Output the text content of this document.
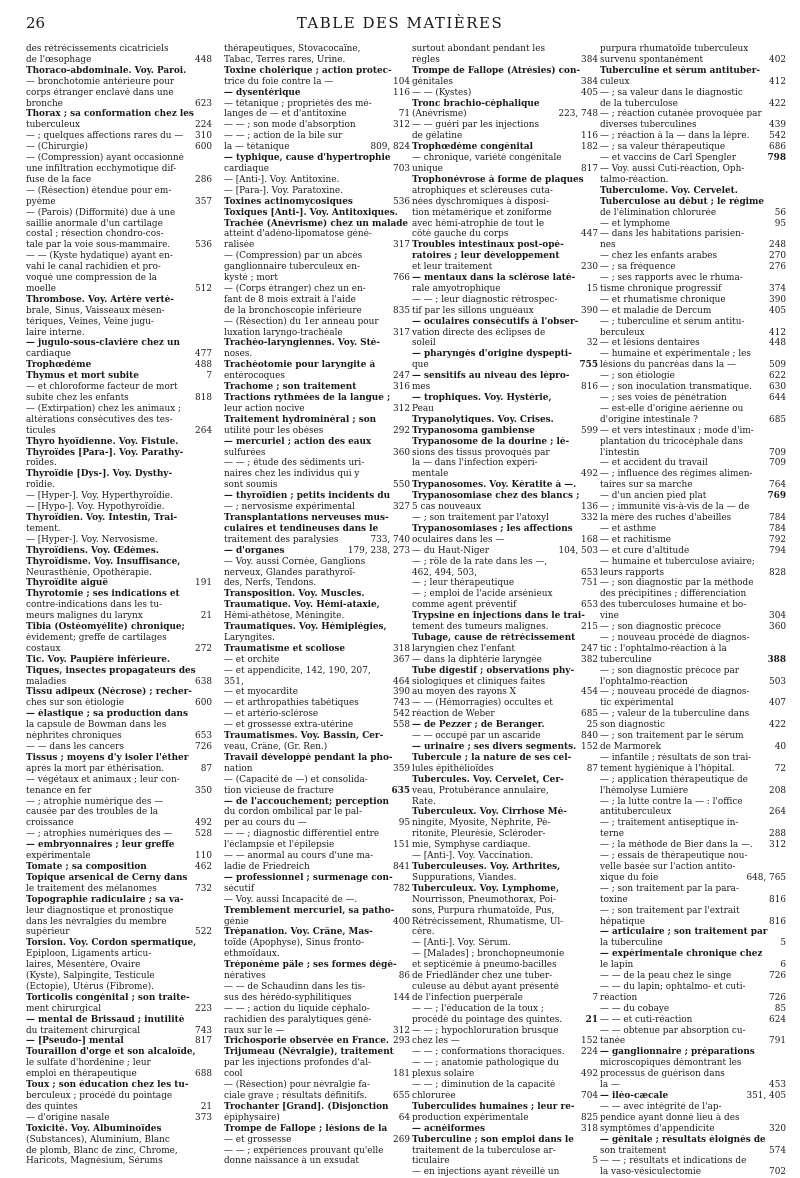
26	TABLE DES MATIÈRES
des rétrécissements cicatriciels
de l'œsophage	448
Thoraco-abdominale. Voy. Paroi.
— bronchotomie antérieure pour
corps étranger enclavé dans une
bronche	623
Thorax ; sa conformation chez les
tuberculeux	224
— ; quelques affections rares du — 310
— (Chirurgie)	600
— (Compression) ayant occasionné
une infiltration ecchymotique dif-
fuse de la face	286
— (Résection) étendue pour em-
pyème	357
— (Parois) (Difformité) due à une
saillie anormale d'un cartilage
costal ; résection chondro-cos-
tale par la voie sous-mammaire.	536
— — (Kyste hydatique) ayant en-
vahi le canal rachidien et pro-
voqué une compression de la
moelle	512
Thrombose. Voy. Artère verté-
brale, Sinus, Vaisseaux mésen-
tériques, Veines, Veine jugu-
laire interne.
— jugulo-sous-clavière chez un
cardiaque	477
Trophœdème	488
Thymus et mort subite	7
— et chloroforme facteur de mort
subite chez les enfants	818
— (Extirpation) chez les animaux ;
altérations consécutives des tes-
ticules	264
Thyro hyoïdienne. Voy. Fistule.
Thyroïdes [Para-]. Voy. Parathy-
roïdes.
Thyroïdie [Dys-]. Voy. Dysthy-
roïdie.
— [Hyper-]. Voy. Hyperthyroïdie.
— [Hypo-]. Voy. Hypothyroïdie.
Thyroïdien. Voy. Intestin, Trai-
tement.
— [Hyper-]. Voy. Nervosisme.
Thyroïdiens. Voy. Œdèmes.
Thyroïdisme. Voy. Insuffisance,
Neurasthénie, Opothérapie.
Thyroïdite aiguë	191
Thyrotomie ; ses indications et
contre-indications dans les tu-
meurs malignes du larynx	21
Tibia (Ostéomyélite) chronique;
évidement; greffe de cartilages
costaux	272
Tic. Voy. Paupière inférieure.
Tiques, insectes propagateurs des
maladies	638
Tissu adipeux (Nécrose) ; recher-
ches sur son étiologie	600
— élastique ; sa production dans
la capsule de Bowman dans les
néphrites chroniques	653
— — dans les cancers	726
Tissus ; moyens d'y isoler l'éther
après la mort par éthérisation.	87
— végétaux et animaux ; leur con-
tenance en fer	350
— ; atrophie numérique des —
causée par des troubles de la
croissance	492
— ; atrophies numériques des —	528
— embryonnaires ; leur greffe
expérimentale	110
Tomate ; sa composition	462
Topique arsenical de Cerny dans
le traitement des mélanomes	732
Topographie radiculaire ; sa va-
leur diagnostique et pronostique
dans les névralgies du membre
supérieur	522
Torsion. Voy. Cordon spermatique,
Épiploon, Ligaments articu-
laires, Mésentère, Ovaire
(Kyste), Salpingite, Testicule
(Ectopie), Utérus (Fibrome).
Torticolis congénital ; son traite-
ment chirurgical	223
— mental de Brissaud ; inutilité
du traitement chirurgical	743
— [Pseudo-] mental	817
Touraillon d'orge et son alcaloïde,
le sulfate d'hordénine ; leur
emploi en thérapeutique	688
Toux ; son éducation chez les tu-
berculeux ; procédé du pointage
des quintes	21
— d'origine nasale	373
Toxicité. Voy. Albuminoïdes
(Substances), Aluminium, Blanc
de plomb, Blanc de zinc, Chrome,
Haricots, Magnésium, Sérums
thérapeutiques, Stovacocaïne,
Tabac, Terres rares, Urine.
Toxine cholérique ; action protec-
trice du foie contre la —	104
— dysentérique	116
— tétanique ; propriétés des mé-
langes de — et d'antitoxine	71
— — ; son mode d'absorption	312
— — ; action de la bile sur
la — tétanique	809, 824
— typhique, cause d'hypertrophie
cardiaque	703
— [Anti-]. Voy. Antitoxine.
— [Para-]. Voy. Paratoxine.
Toxines actinomycosiques	536
Toxiques [Anti-]. Voy. Antitoxiques.
Trachée (Anévrisme) chez un malade
atteint d'adéno-lipomatose géné-
ralisée	317
— (Compression) par un abcès
ganglionnaire tuberculeux en-
kysté ; mort	766
— (Corps étranger) chez un en-
fant de 8 mois extrait à l'aide
de la bronchoscopie inférieure	835
— (Résection) du 1er anneau pour
luxation laryngo-trachéale	317
Trachéo-laryngiennes. Voy. Sté-
noses.
Trachéotomie pour laryngite à
entérocoques	247
Trachome ; son traitement	316
Tractions rythmées de la langue ;
leur action nocive	312
Traitement hydrominéral ; son
utilité pour les obèses	292
— mercuriel ; action des eaux
sulfurées	360
— — ; étude des sédiments uri-
naires chez les individus qui y
sont soumis	550
— thyroïdien ; petits incidents du
— ; nervosisme expérimental	327
Transplantations nerveuses mus-
culaires et tendineuses dans le
traitement des paralysies	733, 740
— d'organes	179, 238, 273
— Voy. aussi Cornée, Ganglions
nerveux, Glandes parathyroï-
des, Nerfs, Tendons.
Transposition. Voy. Muscles.
Traumatique. Voy. Hémi-ataxie,
Hémi-athétose, Méningite.
Traumatiques. Voy. Hémiplégies,
Laryngites.
Traumatisme et scoliose	318
— et orchite	367
— et appendicite, 142, 190, 207,
351,	464
— et myocardite	390
— et arthropathies tabétiques	743
— et artério-sclérose	542
— et grossesse extra-utérine	558
Traumatismes. Voy. Bassin, Cer-
veau, Crâne, (Gr. Ren.)
Travail développé pendant la pho-
nation	359
— (Capacité de —) et consolida-
tion vicieuse de fracture	635
— de l'accouchement; perception
du cordon ombilical par le pal-
per au cours du —	95
— — ; diagnostic différentiel entre
l'éclampsie et l'épilepsie	151
— — anormal au cours d'une ma-
ladie de Friedreich	841
— professionnel ; surmenage con-
sécutif	782
— Voy. aussi Incapacité de —.
Tremblement mercuriel, sa patho-
génie	400
Trépanation. Voy. Crâne, Mas-
toïde (Apophyse), Sinus fronto-
ethmoïdaux.
Tréponème pâle ; ses formes dégé-
nératives	86
— — de Schaudinn dans les tis-
sus des hérédo-syphilitiques	144
— — ; action du liquide céphalo-
rachidien des paralytiques géné-
raux sur le —	312
Trichosporie observée en France. 293
Trijumeau (Névralgie), traitement
par les injections profondes d'al-
cool	181
— (Résection) pour névralgie fa-
ciale grave ; résultats définitifs.	655
Trochanter [Grand]. (Disjonction
épiphysaire)	64
Trompe de Fallope ; lésions de la
— et grossesse	269
— — ; expériences prouvant qu'elle
donne naissance à un exsudat
surtout abondant pendant les
règles	384
Trompe de Fallope (Atrésies) con-
génitales	384
— — (Kystes)	405
Tronc brachio-céphalique
(Anévrisme)	223, 748
— — guéri par les injections
de gélatine	116
Trophœdème congénital	182
— chronique, variété congénitale
unique	817
Trophonévrose à forme de plaques
atrophiques et scléreuses cuta-
nées dyschromiques à disposi-
tion métamérique et zoniforme
avec hémi-atrophie de tout le
côté gauche du corps	447
Troubles intestinaux post-opé-
ratoires ; leur développement
et leur traitement	230
— mentaux dans la sclérose laté-
rale amyotrophique	15
— — ; leur diagnostic rétrospec-
tif par les sillons unguéaux	390
— oculaires consécutifs à l'obser-
vation directe des éclipses de
soleil	32
— pharyngés d'origine dyspepti-
que	755
— sensitifs au niveau des lépro-
mes	816
— trophiques. Voy. Hystérie,
Peau
Trypanolytiques. Voy. Crises.
Trypanosoma gambiense	599
Trypanosome de la dourine ; lé-
sions des tissus provoqués par
la — dans l'infection expéri-
mentale	492
Trypanosomes. Voy. Kératite à —.
Trypanosomiase chez des blancs ;
5 cas nouveaux	136
— ; son traitement par l'atoxyl	332
Trypanosomiases ; les affections
oculaires dans les —	168
— du Haut-Niger	104, 503
— ; rôle de la rate dans les —,
462, 494, 503,	653
— ; leur thérapeutique	751
— ; emploi de l'acide arsénieux
comme agent préventif	653
Trypsine en injections dans le trai-
tement des tumeurs malignes.	215
Tubage, cause de rétrécissement
laryngien chez l'enfant	247
— dans la diphtérie laryngée	382
Tube digestif ; observations phy-
siologiques et cliniques faites
au moyen des rayons X	454
— — (Hémorragies) occultes et
réaction de Weber	685
— de Pezzer ; de Beranger.	25
— — occupé par un ascaride	840
— urinaire ; ses divers segments. 152
Tubercule ; la nature de ses cel-
lules épithélioïdes	87
Tubercules. Voy. Cervelet, Cer-
veau, Protubérance annulaire,
Rate.
Tuberculeux. Voy. Cirrhose Mé-
ningite, Myosite, Néphrite, Pé-
ritonite, Pleurésie, Scléroder-
mie, Symphyse cardiaque.
— [Anti-]. Voy. Vaccination.
Tuberculeuses. Voy. Arthrites,
Suppurations, Viandes.
Tuberculeux. Voy. Lymphome,
Nourrisson, Pneumothorax, Poi-
sons, Purpura rhumatoïde, Pus,
Rétrécissement, Rhumatisme, Ul-
cère.
— [Anti-]. Voy. Sérum.
— [Malades] ; bronchopneumonie
et septicémie à pneumo-bacilles
de Friedländer chez une tuber-
culeuse au début ayant présenté
de l'infection puerpérale	7
— — ; l'éducation de la toux ;
procédé du pointage des quintes.	21
— — ; hypochloruration brusque
chez les —	152
— — ; conformations thoraciques. 224
— — ; anatomie pathologique du
plexus solaire	492
— — ; diminution de la capacité
chlorurée	704
Tuberculides humaines ; leur re-
production expérimentale	825
— acnéiformes	318
Tuberculine ; son emploi dans le
traitement de la tuberculose ar-
ticulaire	5
— en injections ayant réveillé un
purpura rhumatoïde tuberculeux
survenu spontanément	402
Tuberculine et sérum antituber-
culeux	412
— ; sa valeur dans le diagnostic
de la tuberculose	422
— ; réaction cutanée provoquée par
diverses tuberculines	439
— ; réaction à la — dans la lèpre. 542
— ; sa valeur thérapeutique	686
— et vaccins de Carl Spengler	798
— Voy. aussi Cuti-réaction, Oph-
talmo-réaction.
Tuberculome. Voy. Cervelet.
Tuberculose au début ; le régime
de l'élimination chlorurée	56
— et lymphome	95
— dans les habitations parisien-
nes	248
— chez les enfants arabes	270
— ; sa fréquence	276
— ; ses rapports avec le rhuma-
tisme chronique progressif	374
— et rhumatisme chronique	390
— et maladie de Dercum	405
— ; tuberculine et sérum antitu-
berculeux	412
— et lésions dentaires	448
— humaine et expérimentale ; les
lésions du pancréas dans la —	509
— ; son étiologie	622
— ; son inoculation transmatique. 630
— ; ses voies de pénétration	644
— est-elle d'origine aérienne ou
d'origine intestinale ?	685
— et vers intestinaux ; mode d'im-
plantation du tricocéphale dans
l'intestin	709
— et accident du travail	709
— ; influence des régimes alimen-
taires sur sa marche	764
— d'un ancien pied plat	769
— ; immunité vis-à-vis de la — de
la mère des ruches d'abeilles	784
— et asthme	784
— et rachitisme	792
— et cure d'altitude	794
— humaine et tuberculose aviaire;
leurs rapports	828
— ; son diagnostic par la méthode
des précipitines ; différenciation
des tuberculoses humaine et bo-
vine	304
— ; son diagnostic précoce	360
— ; nouveau procédé de diagnos-
tic : l'ophtalmo-réaction à la
tuberculine	388
— ; son diagnostic précoce par
l'ophtalmo-réaction	503
— ; nouveau procédé de diagnos-
tic expérimental	407
— ; valeur de la tuberculine dans
son diagnostic	422
— ; son traitement par le sérum
de Marmorek	40
— infantile ; résultats de son trai-
tement hygiénique à l'hôpital.	72
— ; application thérapeutique de
l'hémolyse Lumière	208
— ; la lutte contre la — : l'office
antituberculeux	264
— ; traitement antiseptique in-
terne	288
— ; la méthode de Bier dans la —. 312
— ; essais de thérapeutique nou-
velle basée sur l'action antito-
xique du foie	648, 765
— ; son traitement par la para-
toxine	816
— ; son traitement par l'extrait
hépatique	816
— articulaire ; son traitement par
la tuberculine	5
— expérimentale chronique chez
le lapin	6
— — de la peau chez le singe	726
— — du lapin; ophtalmo- et cuti-
réaction	726
— — du cobaye	85
— — et cuti-réaction	624
— — obtenue par absorption cu-
tanée	791
— ganglionnaire ; préparations
microscopiques démontrant les
processus de guérison dans
la —	453
— iléo-cæcale	351, 405
— — avec intégrité de l'ap-
pendice ayant donné lieu à des
symptômes d'appendicite	320
— génitale ; résultats éloignés de
son traitement	574
— — ; résultats et indications de
la vaso-vésiculectomie	702
